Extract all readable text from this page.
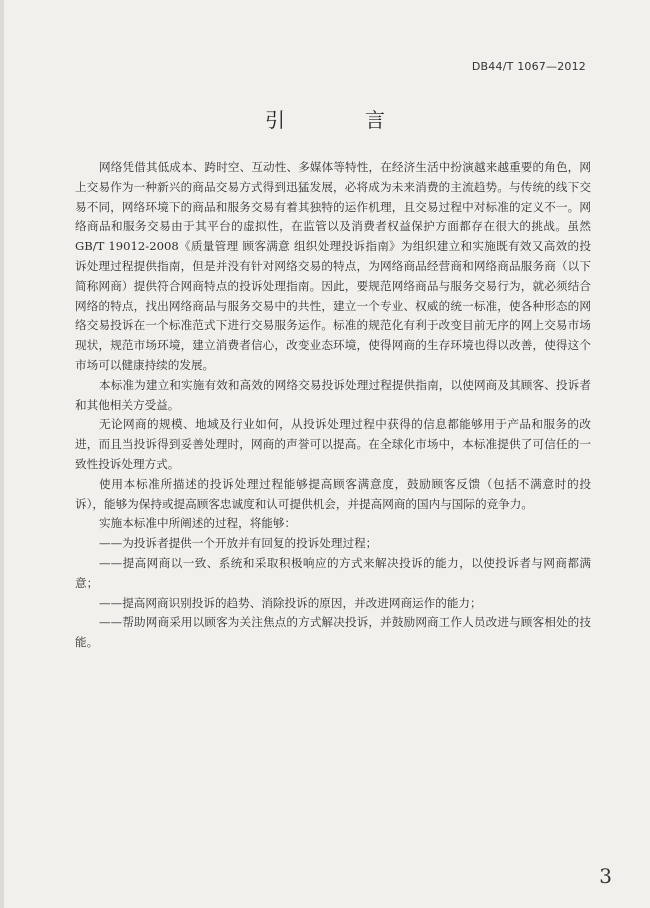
DB44/T 1067—2012
引　言

网络凭借其低成本、跨时空、互动性、多媒体等特性，在经济生活中扮演越来越重要的角色，网上交易作为一种新兴的商品交易方式得到迅猛发展，必将成为未来消费的主流趋势。与传统的线下交易不同，网络环境下的商品和服务交易有着其独特的运作机理，且交易过程中对标准的定义不一。网络商品和服务交易由于其平台的虚拟性，在监管以及消费者权益保护方面都存在很大的挑战。虽然GB/T 19012-2008《质量管理 顾客满意 组织处理投诉指南》为组织建立和实施既有效又高效的投诉处理过程提供指南，但是并没有针对网络交易的特点，为网络商品经营商和网络商品服务商（以下简称网商）提供符合网商特点的投诉处理指南。因此，要规范网络商品与服务交易行为，就必须结合网络的特点，找出网络商品与服务交易中的共性，建立一个专业、权威的统一标准，使各种形态的网络交易投诉在一个标准范式下进行交易服务运作。标准的规范化有利于改变目前无序的网上交易市场现状，规范市场环境，建立消费者信心，改变业态环境，使得网商的生存环境也得以改善，使得这个市场可以健康持续的发展。

本标准为建立和实施有效和高效的网络交易投诉处理过程提供指南，以使网商及其顾客、投诉者和其他相关方受益。

无论网商的规模、地域及行业如何，从投诉处理过程中获得的信息都能够用于产品和服务的改进，而且当投诉得到妥善处理时，网商的声誉可以提高。在全球化市场中，本标准提供了可信任的一致性投诉处理方式。

使用本标准所描述的投诉处理过程能够提高顾客满意度，鼓励顾客反馈（包括不满意时的投诉），能够为保持或提高顾客忠诚度和认可提供机会，并提高网商的国内与国际的竞争力。

实施本标准中所阐述的过程，将能够：

——为投诉者提供一个开放并有回复的投诉处理过程；
——提高网商以一致、系统和采取积极响应的方式来解决投诉的能力，以使投诉者与网商都满意；
——提高网商识别投诉的趋势、消除投诉的原因，并改进网商运作的能力；
——帮助网商采用以顾客为关注焦点的方式解决投诉，并鼓励网商工作人员改进与顾客相处的技能。
3
